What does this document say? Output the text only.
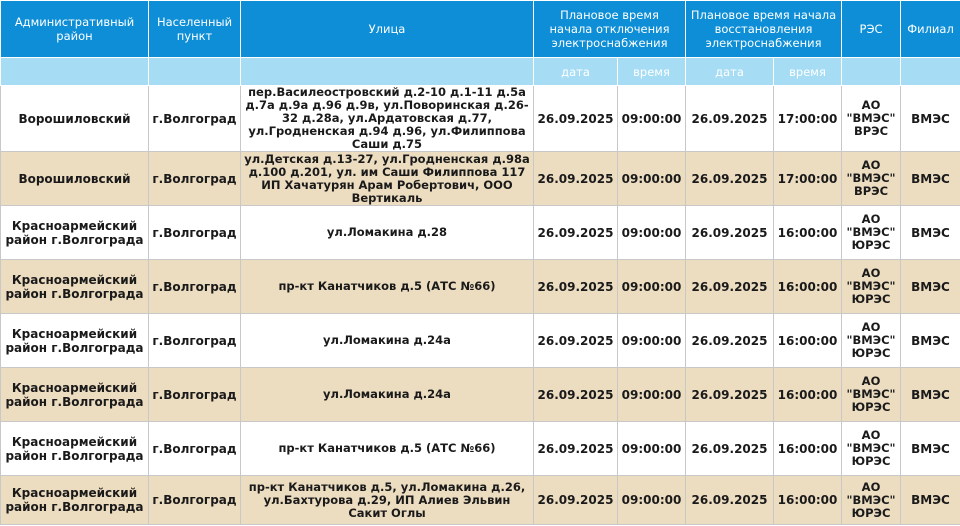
Административный район	Населенный пункт	Улица	Плановое время начала отключения электроснабжения		Плановое время начала восстановления электроснабжения		РЭС	Филиал
			дата	время	дата	время		
Ворошиловский	г.Волгоград	пер.Василеостровский д.2-10 д.1-11 д.5а д.7а д.9а д.96 д.9в, ул.Поворинская д.26-32 д.28а, ул.Ардатовская д.77, ул.Гродненская д.94 д.96, ул.Филиппова Саши д.75	26.09.2025	09:00:00	26.09.2025	17:00:00	АО "ВМЭС" ВРЭС	ВМЭС
Ворошиловский	г.Волгоград	ул.Детская д.13-27, ул.Гродненская д.98а д.100 д.201, ул. им Саши Филиппова 117 ИП Хачатурян Арам Робертович, ООО Вертикаль	26.09.2025	09:00:00	26.09.2025	17:00:00	АО "ВМЭС" ВРЭС	ВМЭС
Красноармейский район г.Волгограда	г.Волгоград	ул.Ломакина д.28	26.09.2025	09:00:00	26.09.2025	16:00:00	АО "ВМЭС" ЮРЭС	ВМЭС
Красноармейский район г.Волгограда	г.Волгоград	пр-кт Канатчиков д.5 (АТС №66)	26.09.2025	09:00:00	26.09.2025	16:00:00	АО "ВМЭС" ЮРЭС	ВМЭС
Красноармейский район г.Волгограда	г.Волгоград	ул.Ломакина д.24а	26.09.2025	09:00:00	26.09.2025	16:00:00	АО "ВМЭС" ЮРЭС	ВМЭС
Красноармейский район г.Волгограда	г.Волгоград	ул.Ломакина д.24а	26.09.2025	09:00:00	26.09.2025	16:00:00	АО "ВМЭС" ЮРЭС	ВМЭС
Красноармейский район г.Волгограда	г.Волгоград	пр-кт Канатчиков д.5 (АТС №66)	26.09.2025	09:00:00	26.09.2025	16:00:00	АО "ВМЭС" ЮРЭС	ВМЭС
Красноармейский район г.Волгограда	г.Волгоград	пр-кт Канатчиков д.5, ул.Ломакина д.26, ул.Бахтурова д.29, ИП Алиев Эльвин Сакит Оглы	26.09.2025	09:00:00	26.09.2025	16:00:00	АО "ВМЭС" ЮРЭС	ВМЭС
